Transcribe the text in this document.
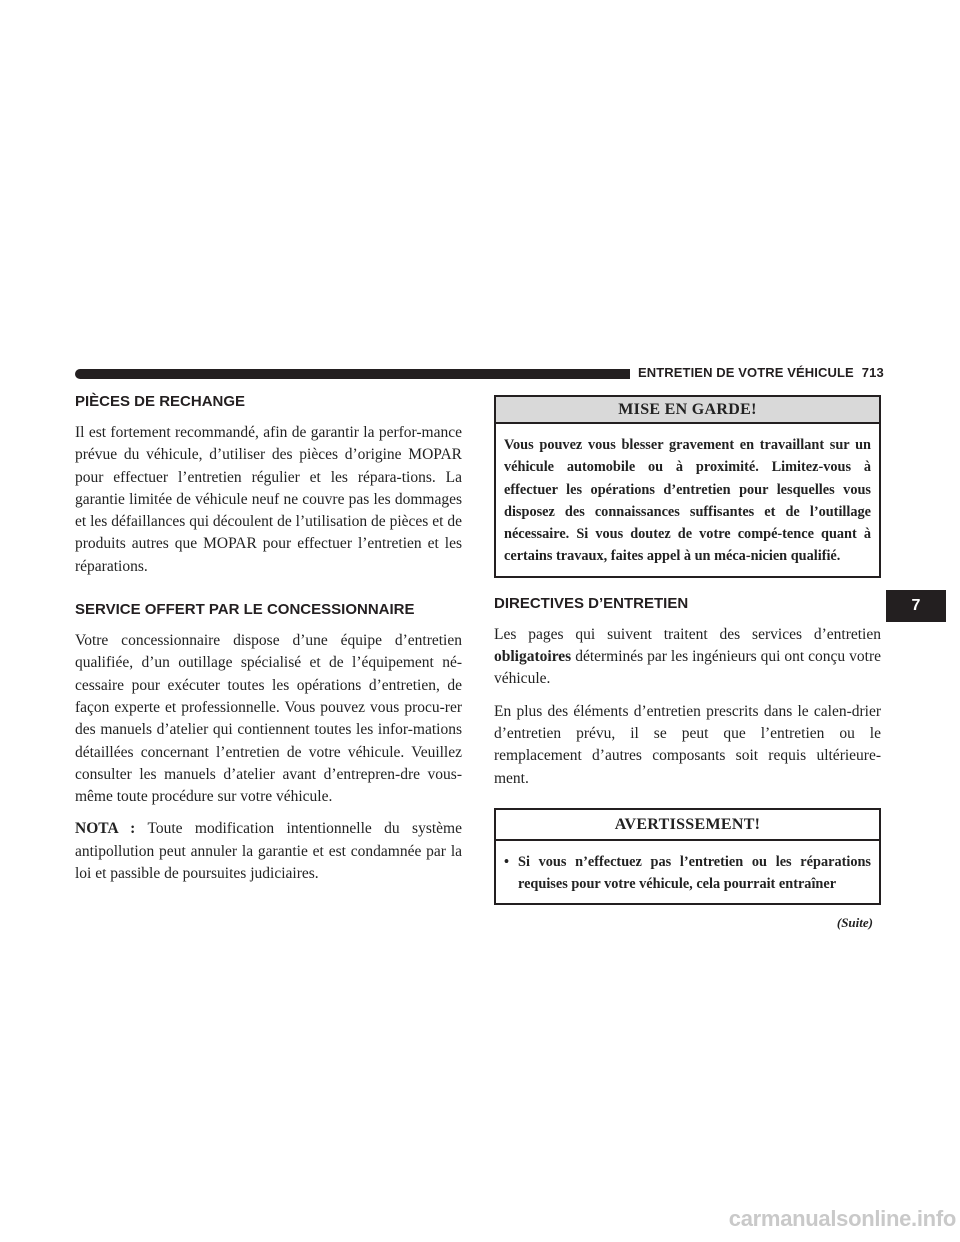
ENTRETIEN DE VOTRE VÉHICULE 713
PIÈCES DE RECHANGE

Il est fortement recommandé, afin de garantir la perfor-mance prévue du véhicule, d’utiliser des pièces d’origine MOPAR pour effectuer l’entretien régulier et les répara-tions. La garantie limitée de véhicule neuf ne couvre pas les dommages et les défaillances qui découlent de l’utilisation de pièces et de produits autres que MOPAR pour effectuer l’entretien et les réparations.

SERVICE OFFERT PAR LE CONCESSIONNAIRE

Votre concessionnaire dispose d’une équipe d’entretien qualifiée, d’un outillage spécialisé et de l’équipement né-cessaire pour exécuter toutes les opérations d’entretien, de façon experte et professionnelle. Vous pouvez vous procu-rer des manuels d’atelier qui contiennent toutes les infor-mations détaillées concernant l’entretien de votre véhicule. Veuillez consulter les manuels d’atelier avant d’entrepren-dre vous-même toute procédure sur votre véhicule.

NOTA : Toute modification intentionnelle du système antipollution peut annuler la garantie et est condamnée par la loi et passible de poursuites judiciaires.

MISE EN GARDE!
Vous pouvez vous blesser gravement en travaillant sur un véhicule automobile ou à proximité. Limitez-vous à effectuer les opérations d’entretien pour lesquelles vous disposez des connaissances suffisantes et de l’outillage nécessaire. Si vous doutez de votre compé-tence quant à certains travaux, faites appel à un méca-nicien qualifié.
DIRECTIVES D’ENTRETIEN

Les pages qui suivent traitent des services d’entretien obligatoires déterminés par les ingénieurs qui ont conçu votre véhicule.

En plus des éléments d’entretien prescrits dans le calen-drier d’entretien prévu, il se peut que l’entretien ou le remplacement d’autres composants soit requis ultérieure-ment.

AVERTISSEMENT!
• Si vous n’effectuez pas l’entretien ou les réparations requises pour votre véhicule, cela pourrait entraîner
(Suite)
7
carmanualsonline.info
